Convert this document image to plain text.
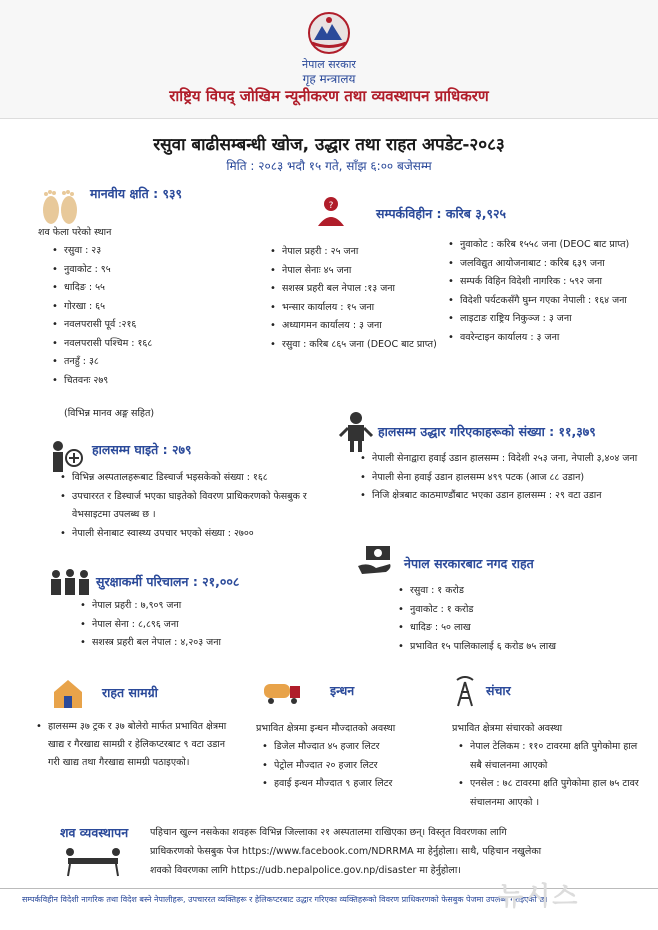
नेपाल सरकार
गृह मन्त्रालय
राष्ट्रिय विपद् जोखिम न्यूनीकरण तथा व्यवस्थापन प्राधिकरण
रसुवा बाढीसम्बन्धी खोज, उद्धार तथा राहत अपडेट-२०८३
मिति : २०८३ भदौ १५ गते, साँझ ६:०० बजेसम्म
मानवीय क्षति : ९३९
शव फेला परेको स्थान
• रसुवा : २३
• नुवाकोट : ९५
• धादिङ : ५५
• गोरखा : ६५
• नवलपरासी पूर्व :२१६
• नवलपरासी पश्चिम : १६८
• तनहुँ : ३८
• चितवनः २७९
(विभिन्न मानव अङ्ग सहित)
?	सम्पर्कविहीन : करिब ३,९२५
• नेपाल प्रहरी : २५ जना
• नेपाल सेनाः ४५ जना
• सशस्त्र प्रहरी बल नेपाल :१३ जना
• भन्सार कार्यालय : १५ जना
• अध्यागमन कार्यालय : ३ जना
• रसुवा : करिब ८६५ जना (DEOC बाट प्राप्त)
• नुवाकोट : करिब १५५८ जना (DEOC बाट प्राप्त)
• जलविद्युत आयोजनाबाट : करिब ६३९ जना
• सम्पर्क विहिन विदेशी नागरिक : ५९२ जना
• विदेशी पर्यटकसँगै घुम्न गएका नेपाली : १६४ जना
• लाइटाङ राष्ट्रिय निकुञ्ज : ३ जना
• ववरेन्टाइन कार्यालय : ३ जना
हालसम्म घाइते : २७९
• विभिन्न अस्पतालहरूबाट डिस्चार्ज भइसकेको संख्या : १६८
• उपचाररत र डिस्चार्ज भएका घाइतेको विवरण प्राधिकरणको फेसबुक र वेभसाइटमा उपलब्ध छ ।
• नेपाली सेनाबाट स्वास्थ्य उपचार भएको संख्या : २७००
हालसम्म उद्धार गरिएकाहरूको संख्या : ११,३७९
• नेपाली सेनाद्वारा हवाई उडान हालसम्म : विदेशी २५३ जना, नेपाली ३,४०४ जना
• नेपाली सेना हवाई उडान हालसम्म ४९९ पटक (आज ८८ उडान)
• निजि क्षेत्रबाट काठमाण्डौंबाट भएका उडान हालसम्म : २९ वटा उडान
सुरक्षाकर्मी परिचालन : २१,००८
• नेपाल प्रहरी : ७,९०९ जना
• नेपाल सेना : ८,८९६ जना
• सशस्त्र प्रहरी बल नेपाल : ४,२०३ जना
नेपाल सरकारबाट नगद राहत
• रसुवा : १ करोड
• नुवाकोट : १ करोड
• धादिङ : ५० लाख
• प्रभावित १५ पालिकालाई ६ करोड ७५ लाख
राहत सामग्री
• हालसम्म ३७ ट्रक र ३७ बोलेरो मार्फत प्रभावित क्षेत्रमा खाद्य र गैरखाद्य सामग्री र हेलिकप्टरबाट ९ वटा उडान गरी खाद्य तथा गैरखाद्य सामग्री पठाइएको।
इन्धन
प्रभावित क्षेत्रमा इन्धन मौज्दातको अवस्था
• डिजेल मौज्दात ४५ हजार लिटर
• पेट्रोल मौज्दात २० हजार लिटर
• हवाई इन्धन मौज्दात ९ हजार लिटर
संचार
प्रभावित क्षेत्रमा संचारको अवस्था
• नेपाल टेलिकम : ११० टावरमा क्षति पुगेकोमा हाल सबै संचालनमा आएको
• एनसेल : ७८ टावरमा क्षति पुगेकोमा हाल ७५ टावर संचालनमा आएको ।
शव व्यवस्थापन पहिचान खुल्न नसकेका शवहरू विभिन्न जिल्लाका २१ अस्पतालमा राखिएका छन्। विस्तृत विवरणका लागि
प्राधिकरणको फेसबुक पेज https://www.facebook.com/NDRRMA मा हेर्नुहोला। साथै, पहिचान नखुलेका
शवको विवरणका लागि https://udb.nepalpolice.gov.np/disaster मा हेर्नुहोला।
सम्पर्कविहीन विदेशी नागरिक तथा विदेश बस्ने नेपालीहरू, उपचाररत व्यक्तिहरू र हेलिकप्टरबाट उद्धार गरिएका व्यक्तिहरूको विवरण प्राधिकरणको फेसबुक पेजमा उपलब्ध गराइएको छ।
뉴시스
